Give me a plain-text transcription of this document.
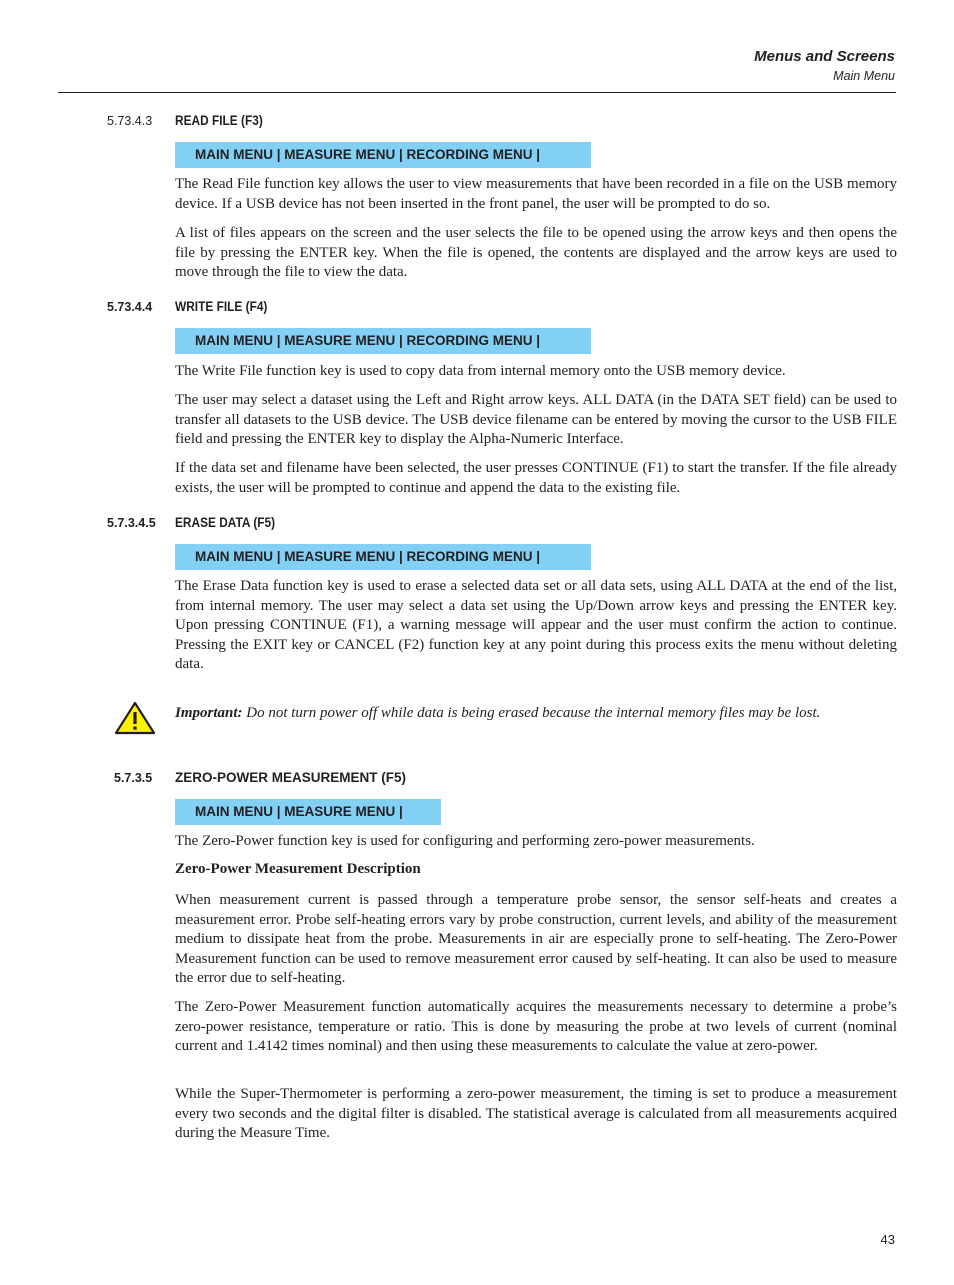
Menus and Screens
Main Menu
5.73.4.3 READ FILE (F3)
MAIN MENU | MEASURE MENU | RECORDING MENU |

The Read File function key allows the user to view measurements that have been recorded in a file on the USB memory device. If a USB device has not been inserted in the front panel, the user will be prompted to do so.

A list of files appears on the screen and the user selects the file to be opened using the arrow keys and then opens the file by pressing the ENTER key. When the file is opened, the contents are displayed and the arrow keys are used to move through the file to view the data.

5.73.4.4 WRITE FILE (F4)
MAIN MENU | MEASURE MENU | RECORDING MENU |

The Write File function key is used to copy data from internal memory onto the USB memory device.

The user may select a dataset using the Left and Right arrow keys. ALL DATA (in the DATA SET field) can be used to transfer all datasets to the USB device. The USB device filename can be entered by moving the cursor to the USB FILE field and pressing the ENTER key to display the Alpha-Numeric Interface.

If the data set and filename have been selected, the user presses CONTINUE (F1) to start the transfer. If the file already exists, the user will be prompted to continue and append the data to the existing file.

5.7.3.4.5 ERASE DATA (F5)
MAIN MENU | MEASURE MENU | RECORDING MENU |

The Erase Data function key is used to erase a selected data set or all data sets, using ALL DATA at the end of the list, from internal memory. The user may select a data set using the Up/Down arrow keys and pressing the ENTER key. Upon pressing CONTINUE (F1), a warning message will appear and the user must confirm the action to continue. Pressing the EXIT key or CANCEL (F2) function key at any point during this process exits the menu without deleting data.

Important: Do not turn power off while data is being erased because the internal memory files may be lost.

5.7.3.5 ZERO-POWER MEASUREMENT (F5)
MAIN MENU | MEASURE MENU |

The Zero-Power function key is used for configuring and performing zero-power measurements.

Zero-Power Measurement Description

When measurement current is passed through a temperature probe sensor, the sensor self-heats and creates a measurement error. Probe self-heating errors vary by probe construction, current levels, and ability of the measurement medium to dissipate heat from the probe. Measurements in air are especially prone to self-heating. The Zero-Power Measurement function can be used to remove measurement error caused by self-heating. It can also be used to measure the error due to self-heating.

The Zero-Power Measurement function automatically acquires the measurements necessary to determine a probe’s zero-power resistance, temperature or ratio. This is done by measuring the probe at two levels of current (nominal current and 1.4142 times nominal) and then using these measurements to calculate the value at zero-power.

While the Super-Thermometer is performing a zero-power measurement, the timing is set to produce a measurement every two seconds and the digital filter is disabled. The statistical average is calculated from all measurements acquired during the Measure Time.

43
